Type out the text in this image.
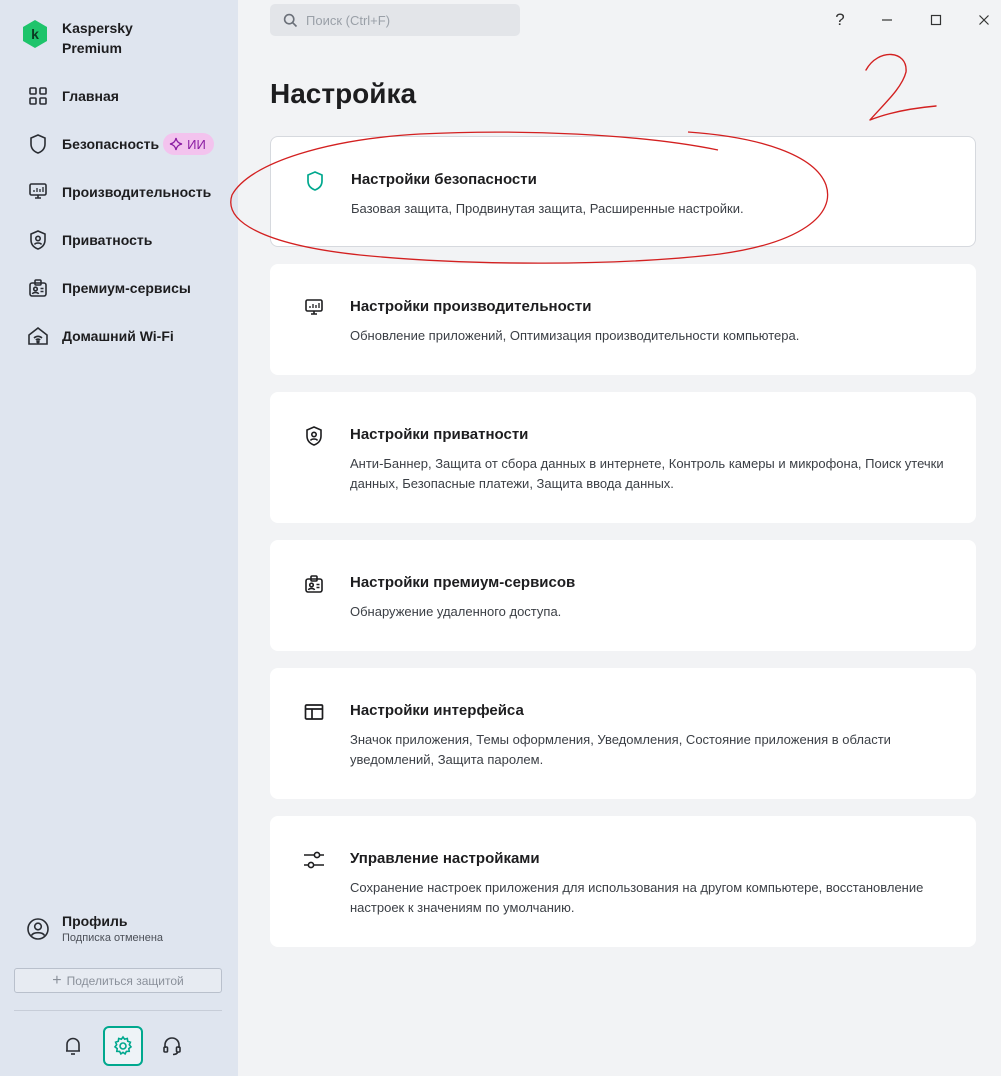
k Kaspersky Premium
Главная
Безопасность ИИ
Производительность
Приватность
Премиум-сервисы
Домашний Wi-Fi
Профиль
Подписка отменена
+ Поделиться защитой
Поиск (Ctrl+F)
?
Настройка
Настройки безопасности
Базовая защита, Продвинутая защита, Расширенные настройки.
Настройки производительности
Обновление приложений, Оптимизация производительности компьютера.
Настройки приватности
Анти-Баннер, Защита от сбора данных в интернете, Контроль камеры и микрофона, Поиск утечки данных, Безопасные платежи, Защита ввода данных.
Настройки премиум-сервисов
Обнаружение удаленного доступа.
Настройки интерфейса
Значок приложения, Темы оформления, Уведомления, Состояние приложения в области уведомлений, Защита паролем.
Управление настройками
Сохранение настроек приложения для использования на другом компьютере, восстановление настроек к значениям по умолчанию.
